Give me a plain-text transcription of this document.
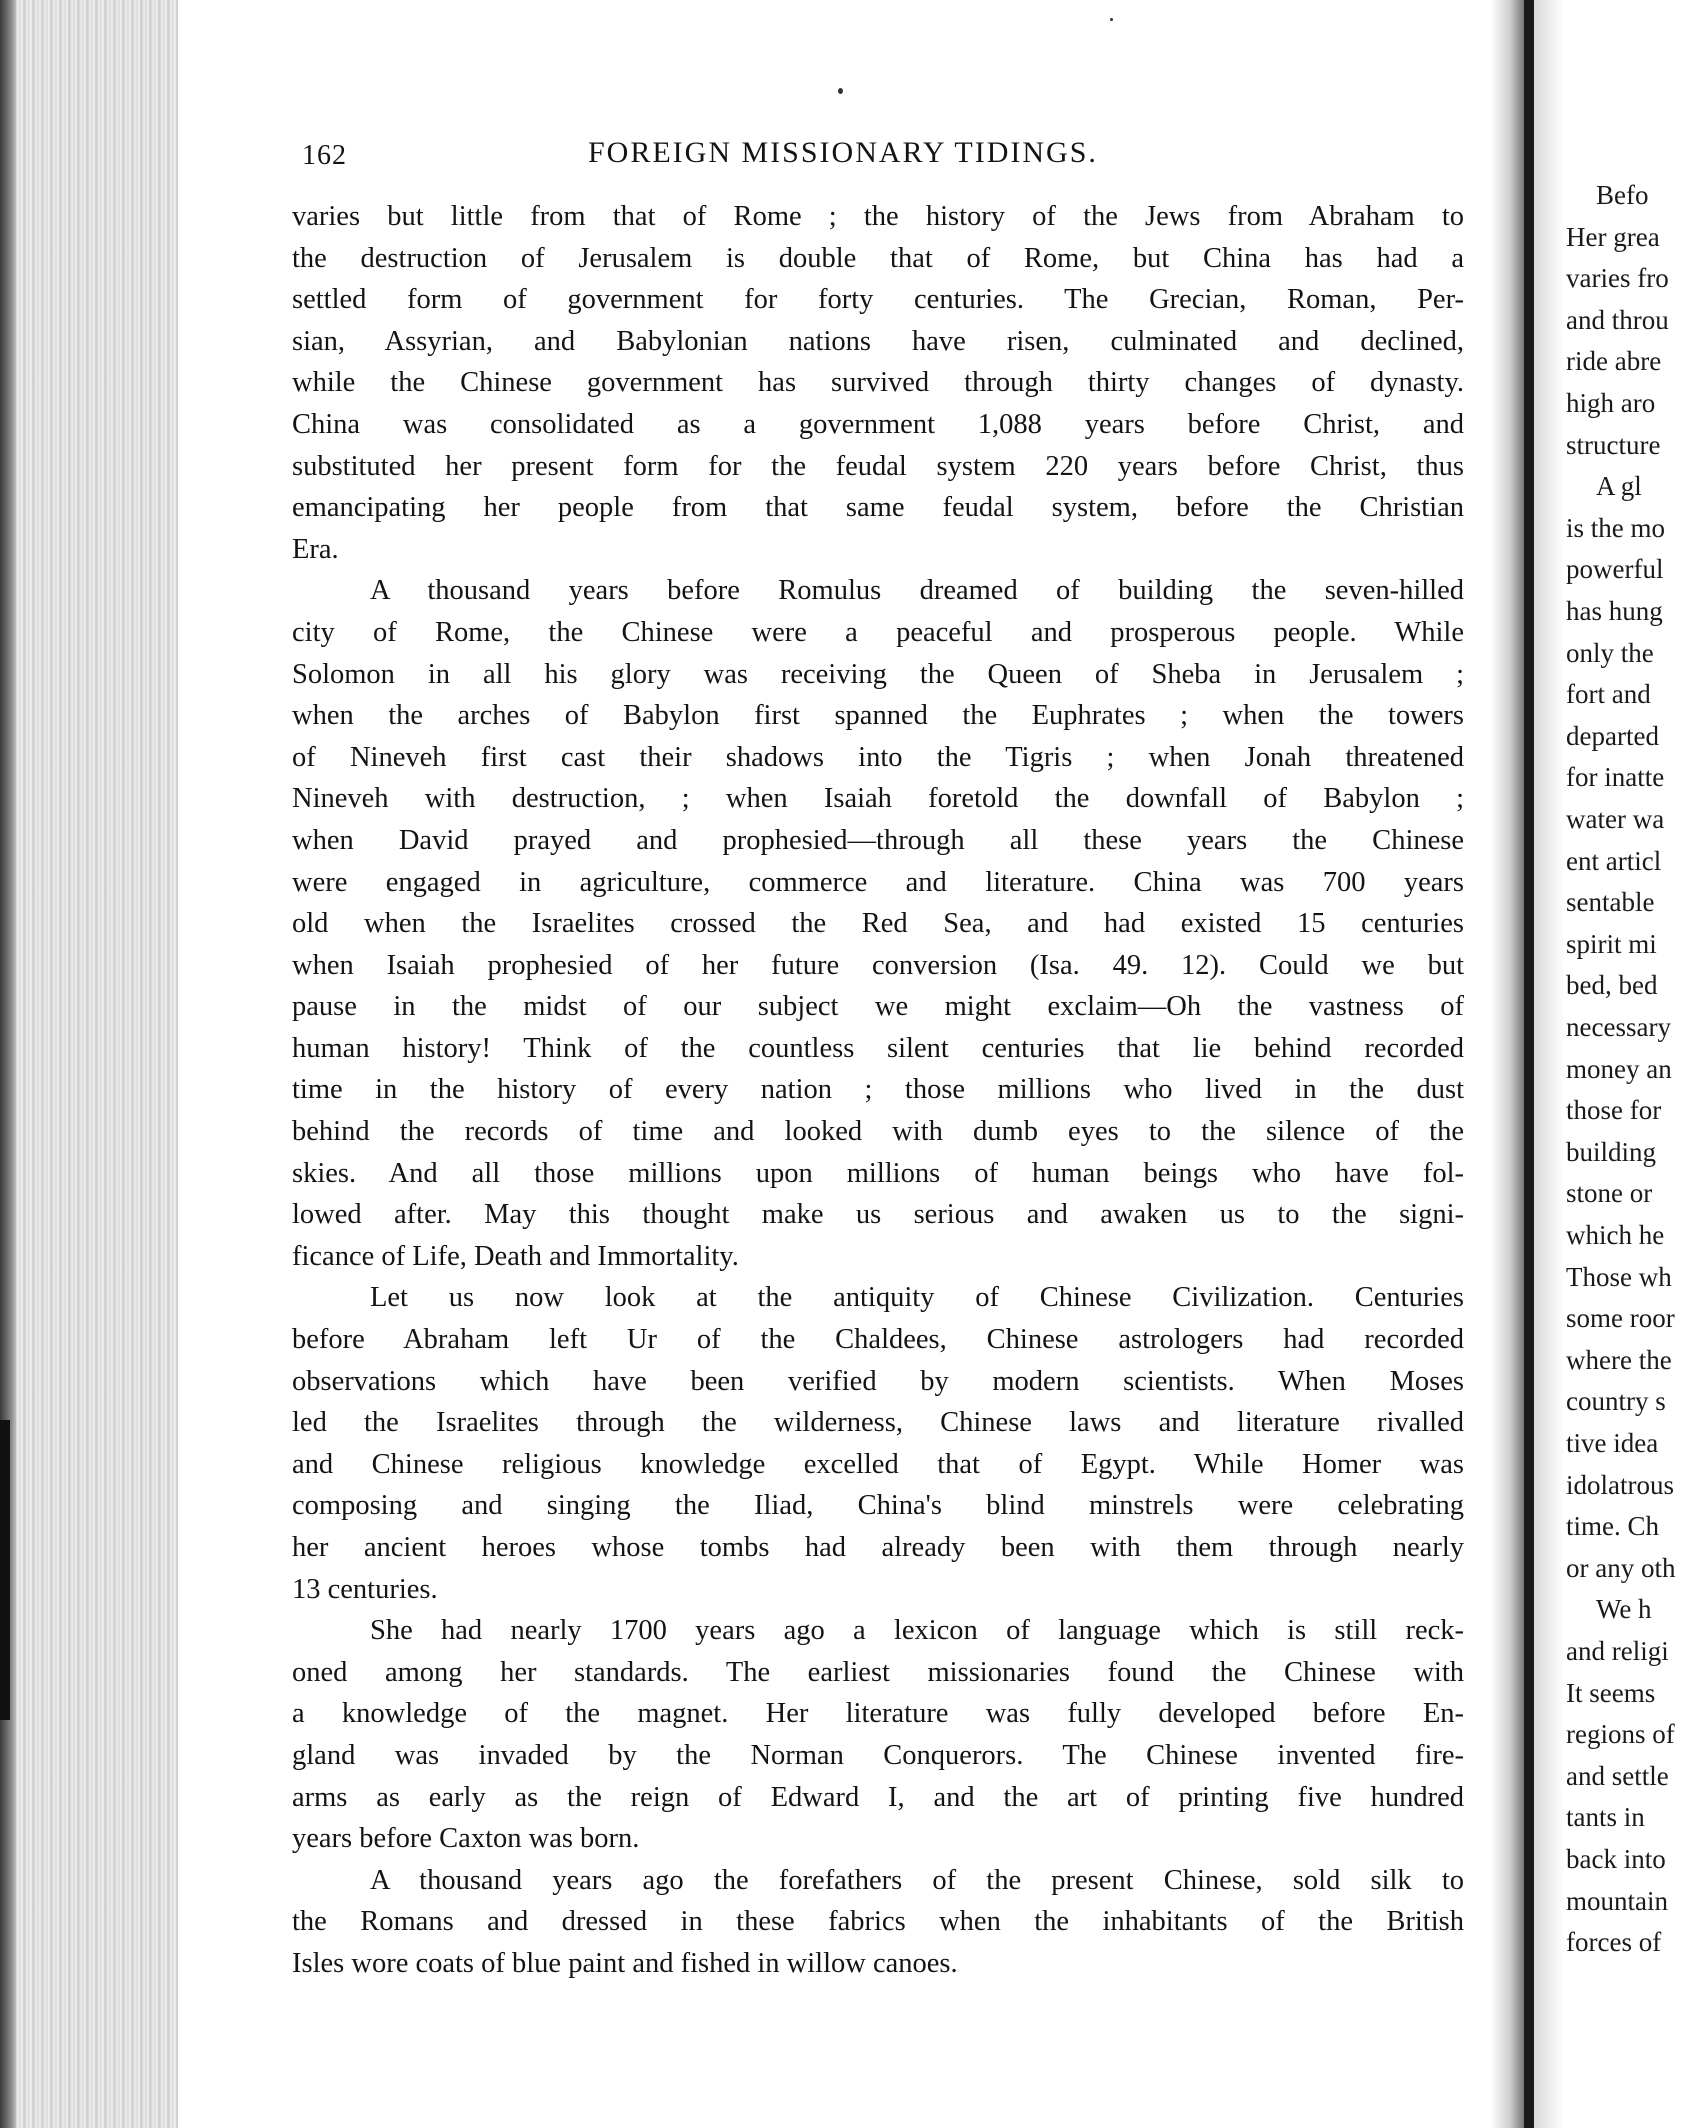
Befo
Her grea
varies fro
and throu
ride abre
high aro
structure
A gl
is the mo
powerful
has hung
only the
fort and
departed
for inatte
water wa
ent articl
sentable
spirit mi
bed, bed
necessary
money an
those for
building
stone or
which he
Those wh
some roor
where the
country s
tive idea
idolatrous
time. Ch
or any oth
We h
and religi
It seems
regions of
and settle
tants in
back into
mountain
forces of
162	FOREIGN MISSIONARY TIDINGS.
varies but little from that of Rome ; the history of the Jews from Abraham to
the destruction of Jerusalem is double that of Rome, but China has had a
settled form of government for forty centuries. The Grecian, Roman, Per-
sian, Assyrian, and Babylonian nations have risen, culminated and declined,
while the Chinese government has survived through thirty changes of dynasty.
China was consolidated as a government 1,088 years before Christ, and
substituted her present form for the feudal system 220 years before Christ, thus
emancipating her people from that same feudal system, before the Christian
Era.
A thousand years before Romulus dreamed of building the seven-hilled
city of Rome, the Chinese were a peaceful and prosperous people. While
Solomon in all his glory was receiving the Queen of Sheba in Jerusalem ;
when the arches of Babylon first spanned the Euphrates ; when the towers
of Nineveh first cast their shadows into the Tigris ; when Jonah threatened
Nineveh with destruction, ; when Isaiah foretold the downfall of Babylon ;
when David prayed and prophesied—through all these years the Chinese
were engaged in agriculture, commerce and literature. China was 700 years
old when the Israelites crossed the Red Sea, and had existed 15 centuries
when Isaiah prophesied of her future conversion (Isa. 49. 12). Could we but
pause in the midst of our subject we might exclaim—Oh the vastness of
human history! Think of the countless silent centuries that lie behind recorded
time in the history of every nation ; those millions who lived in the dust
behind the records of time and looked with dumb eyes to the silence of the
skies. And all those millions upon millions of human beings who have fol-
lowed after. May this thought make us serious and awaken us to the signi-
ficance of Life, Death and Immortality.
Let us now look at the antiquity of Chinese Civilization. Centuries
before Abraham left Ur of the Chaldees, Chinese astrologers had recorded
observations which have been verified by modern scientists. When Moses
led the Israelites through the wilderness, Chinese laws and literature rivalled
and Chinese religious knowledge excelled that of Egypt. While Homer was
composing and singing the Iliad, China's blind minstrels were celebrating
her ancient heroes whose tombs had already been with them through nearly
13 centuries.
She had nearly 1700 years ago a lexicon of language which is still reck-
oned among her standards. The earliest missionaries found the Chinese with
a knowledge of the magnet. Her literature was fully developed before En-
gland was invaded by the Norman Conquerors. The Chinese invented fire-
arms as early as the reign of Edward I, and the art of printing five hundred
years before Caxton was born.
A thousand years ago the forefathers of the present Chinese, sold silk to
the Romans and dressed in these fabrics when the inhabitants of the British
Isles wore coats of blue paint and fished in willow canoes.
